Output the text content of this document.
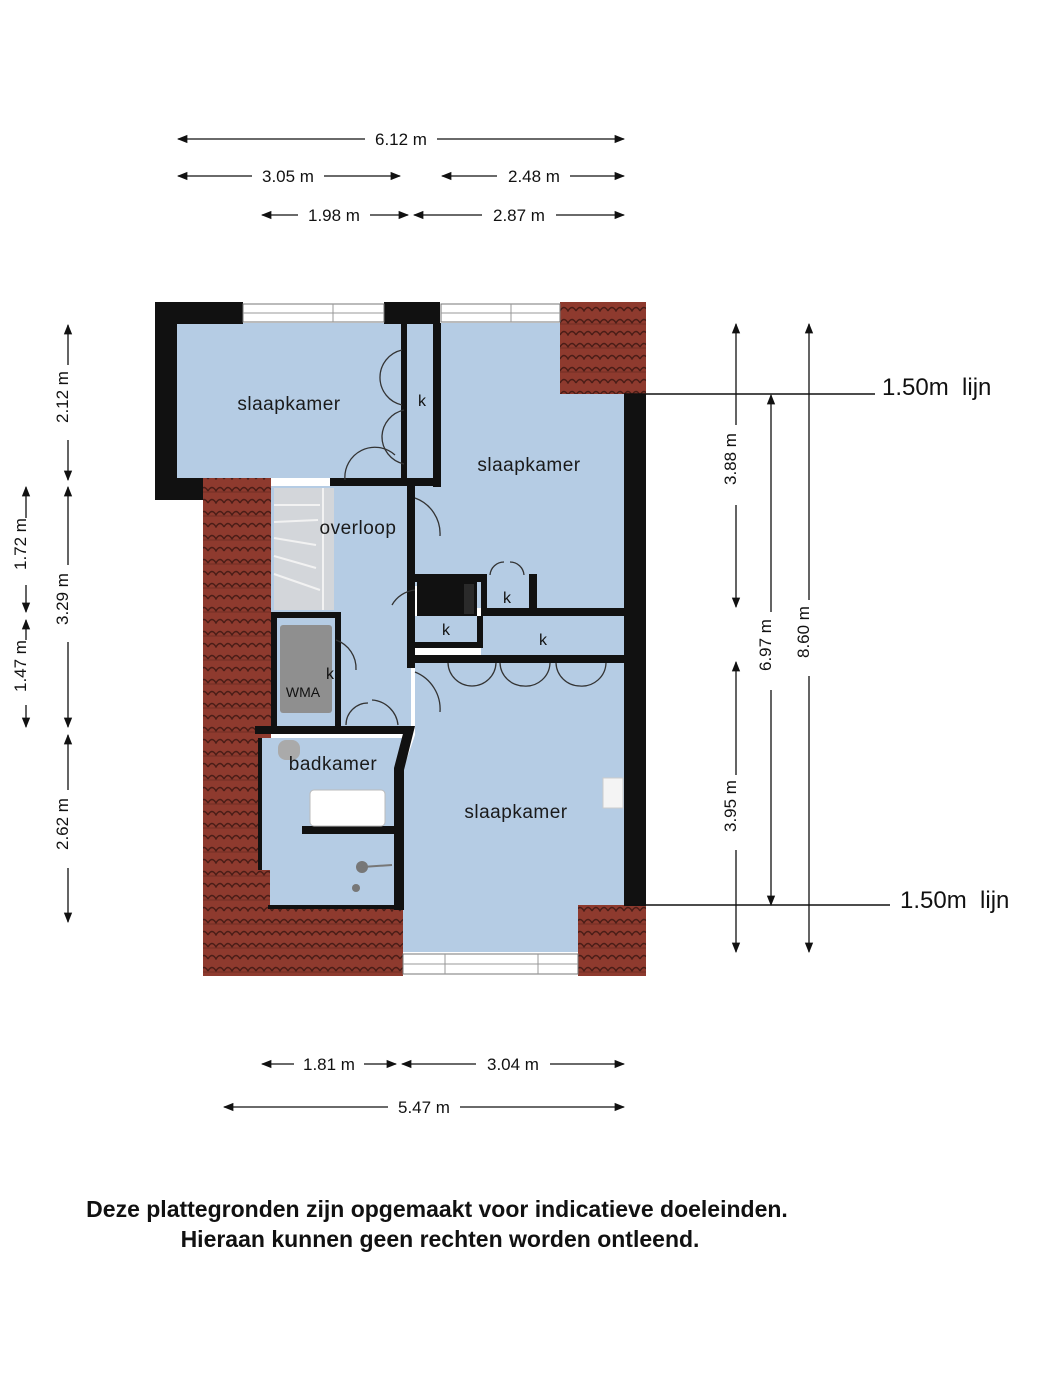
6.12 m
3.05 m	2.48 m
1.98 m	2.87 m
2.12 m
3.29 m
2.62 m
1.72 m
1.47 m
3.88 m
3.95 m
6.97 m 8.60 m
1.50m  lijn
1.50m  lijn
slaapkamer
slaapkamer
slaapkamer
overloop
badkamer
WMA
k
k
k
k
k
1.81 m	3.04 m
5.47 m
Deze plattegronden zijn opgemaakt voor indicatieve doeleinden.
Hieraan kunnen geen rechten worden ontleend.
